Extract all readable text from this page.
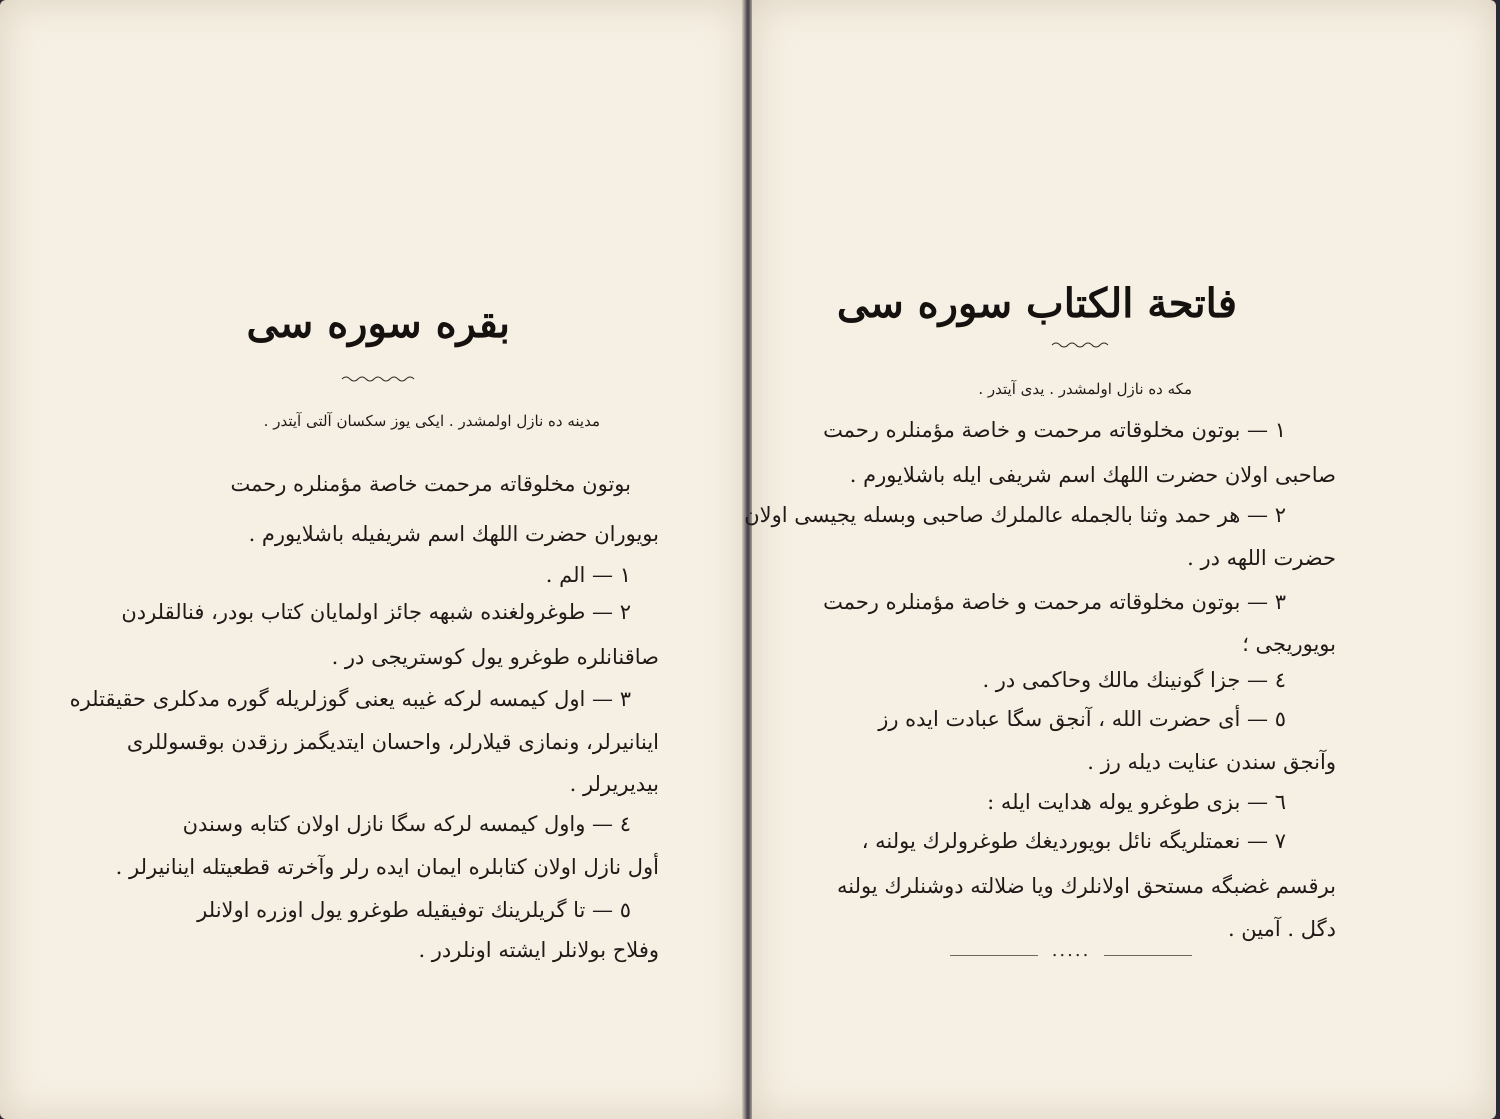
بقره سوره سی
مدینه ده نازل اولمشدر . ایکی یوز سکسان آلتی آیتدر .
بوتون مخلوقاته مرحمت خاصة مؤمنلره رحمت
بویوران حضرت اللهك اسم شریفیله باشلایورم .
١ — الم .
٢ — طوغرولغنده شبهه جائز اولمایان کتاب بودر، فنالقلردن
صاقنانلره طوغرو یول کوستریجی در .
٣ — اول کیمسه لرکه غیبه یعنی گوزلریله گوره مدکلری حقیقتلره
اینانیرلر، ونمازی قیلارلر، واحسان ایتدیگمز رزقدن بوقسوللری
بیدیریرلر .
٤ — واول کیمسه لرکه سگا نازل اولان کتابه وسندن
أول نازل اولان کتابلره ایمان ایده رلر وآخرته قطعیتله اینانیرلر .
٥ — تا گریلرینك توفیقیله طوغرو یول اوزره اولانلر
وفلاح بولانلر ایشته اونلردر .
فاتحة الكتاب سوره سی
مكه ده نازل اولمشدر . یدی آیتدر .
١ — بوتون مخلوقاته مرحمت و خاصة مؤمنلره رحمت
صاحبی اولان حضرت اللهك اسم شریفی ایله باشلایورم .
٢ — هر حمد وثنا بالجمله عالملرك صاحبی وبسله یجیسی اولان
حضرت اللهه در .
٣ — بوتون مخلوقاته مرحمت و خاصة مؤمنلره رحمت
بویوریجی ؛
٤ — جزا گونینك مالك وحاكمی در .
٥ — أی حضرت الله ، آنجق سگا عبادت ایده رز
وآنجق سندن عنایت دیله رز .
٦ — بزی طوغرو یوله هدایت ایله :
٧ — نعمتلریگه نائل بویوردیغك طوغرولرك یولنه ،
برقسم غضبگه مستحق اولانلرك ویا ضلالته دوشنلرك یولنه
دگل . آمین .
.....
